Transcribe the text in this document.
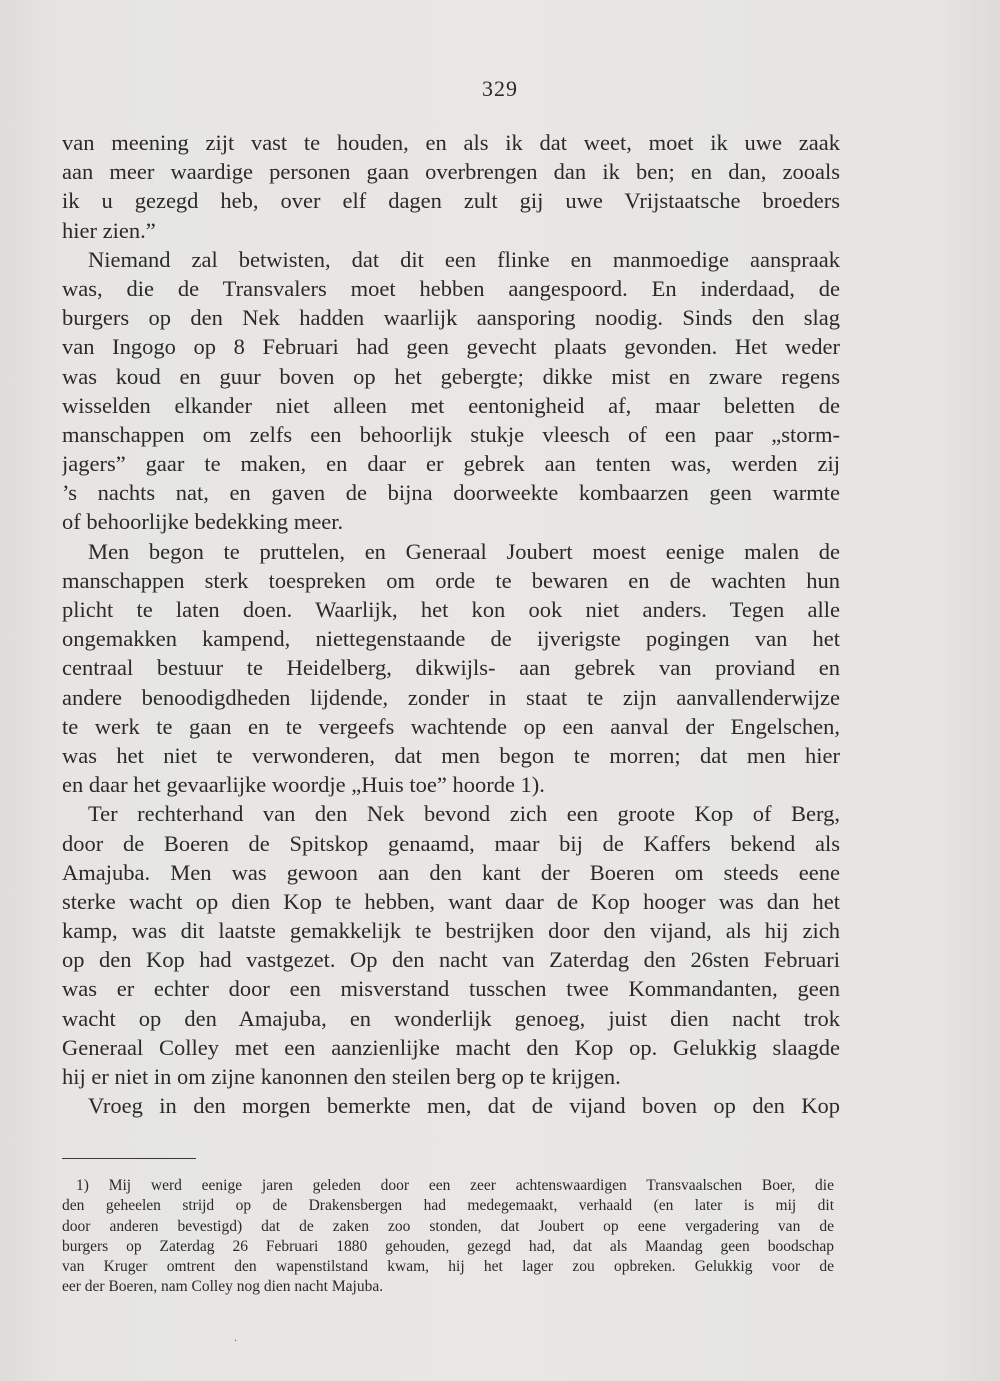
329
van meening zijt vast te houden, en als ik dat weet, moet ik uwe zaak
aan meer waardige personen gaan overbrengen dan ik ben; en dan, zooals
ik u gezegd heb, over elf dagen zult gij uwe Vrijstaatsche broeders
hier zien.”
Niemand zal betwisten, dat dit een flinke en manmoedige aanspraak
was, die de Transvalers moet hebben aangespoord. En inderdaad, de
burgers op den Nek hadden waarlijk aansporing noodig. Sinds den slag
van Ingogo op 8 Februari had geen gevecht plaats gevonden. Het weder
was koud en guur boven op het gebergte; dikke mist en zware regens
wisselden elkander niet alleen met eentonigheid af, maar beletten de
manschappen om zelfs een behoorlijk stukje vleesch of een paar „storm-
jagers” gaar te maken, en daar er gebrek aan tenten was, werden zij
’s nachts nat, en gaven de bijna doorweekte kombaarzen geen warmte
of behoorlijke bedekking meer.
Men begon te pruttelen, en Generaal Joubert moest eenige malen de
manschappen sterk toespreken om orde te bewaren en de wachten hun
plicht te laten doen. Waarlijk, het kon ook niet anders. Tegen alle
ongemakken kampend, niettegenstaande de ijverigste pogingen van het
centraal bestuur te Heidelberg, dikwijls- aan gebrek van proviand en
andere benoodigdheden lijdende, zonder in staat te zijn aanvallenderwijze
te werk te gaan en te vergeefs wachtende op een aanval der Engelschen,
was het niet te verwonderen, dat men begon te morren; dat men hier
en daar het gevaarlijke woordje „Huis toe” hoorde 1).
Ter rechterhand van den Nek bevond zich een groote Kop of Berg,
door de Boeren de Spitskop genaamd, maar bij de Kaffers bekend als
Amajuba. Men was gewoon aan den kant der Boeren om steeds eene
sterke wacht op dien Kop te hebben, want daar de Kop hooger was dan het
kamp, was dit laatste gemakkelijk te bestrijken door den vijand, als hij zich
op den Kop had vastgezet. Op den nacht van Zaterdag den 26sten Februari
was er echter door een misverstand tusschen twee Kommandanten, geen
wacht op den Amajuba, en wonderlijk genoeg, juist dien nacht trok
Generaal Colley met een aanzienlijke macht den Kop op. Gelukkig slaagde
hij er niet in om zijne kanonnen den steilen berg op te krijgen.
Vroeg in den morgen bemerkte men, dat de vijand boven op den Kop
1) Mij werd eenige jaren geleden door een zeer achtenswaardigen Transvaalschen Boer, die
den geheelen strijd op de Drakensbergen had medegemaakt, verhaald (en later is mij dit
door anderen bevestigd) dat de zaken zoo stonden, dat Joubert op eene vergadering van de
burgers op Zaterdag 26 Februari 1880 gehouden, gezegd had, dat als Maandag geen boodschap
van Kruger omtrent den wapenstilstand kwam, hij het lager zou opbreken. Gelukkig voor de
eer der Boeren, nam Colley nog dien nacht Majuba.
.
